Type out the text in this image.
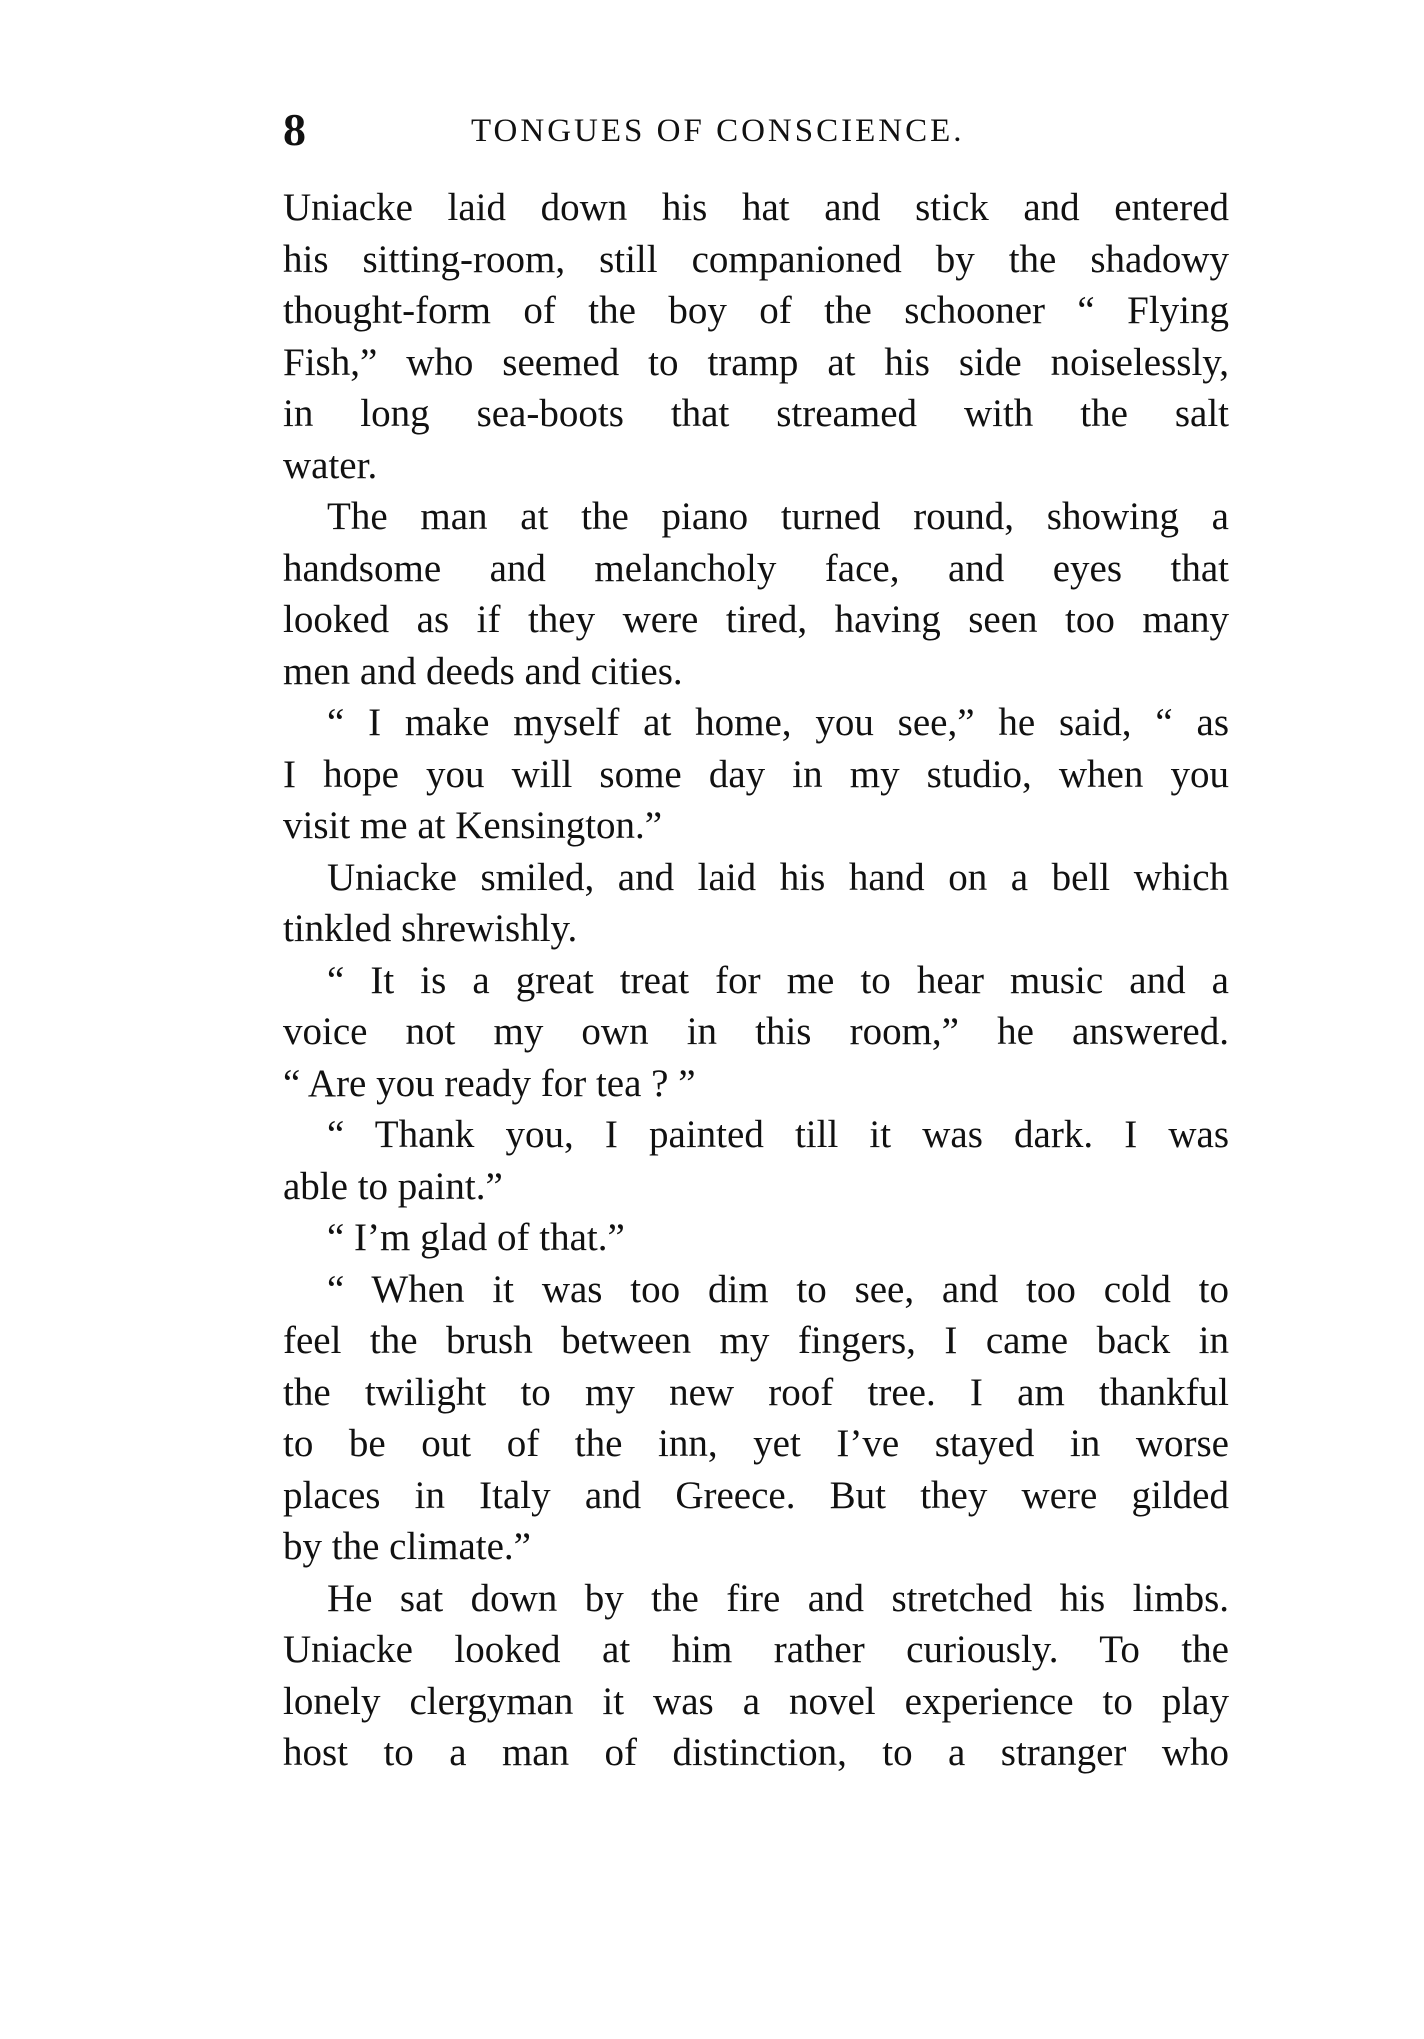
8	TONGUES OF CONSCIENCE.
Uniacke laid down his hat and stick and entered
his sitting-room, still companioned by the shadowy
thought-form of the boy of the schooner “ Flying
Fish,” who seemed to tramp at his side noiselessly,
in long sea-boots that streamed with the salt
water.
The man at the piano turned round, showing a
handsome and melancholy face, and eyes that
looked as if they were tired, having seen too many
men and deeds and cities.
“ I make myself at home, you see,” he said, “ as
I hope you will some day in my studio, when you
visit me at Kensington.”
Uniacke smiled, and laid his hand on a bell which
tinkled shrewishly.
“ It is a great treat for me to hear music and a
voice not my own in this room,” he answered.
“ Are you ready for tea ? ”
“ Thank you, I painted till it was dark. I was
able to paint.”
“ I’m glad of that.”
“ When it was too dim to see, and too cold to
feel the brush between my fingers, I came back in
the twilight to my new roof tree. I am thankful
to be out of the inn, yet I’ve stayed in worse
places in Italy and Greece. But they were gilded
by the climate.”
He sat down by the fire and stretched his limbs.
Uniacke looked at him rather curiously. To the
lonely clergyman it was a novel experience to play
host to a man of distinction, to a stranger who
